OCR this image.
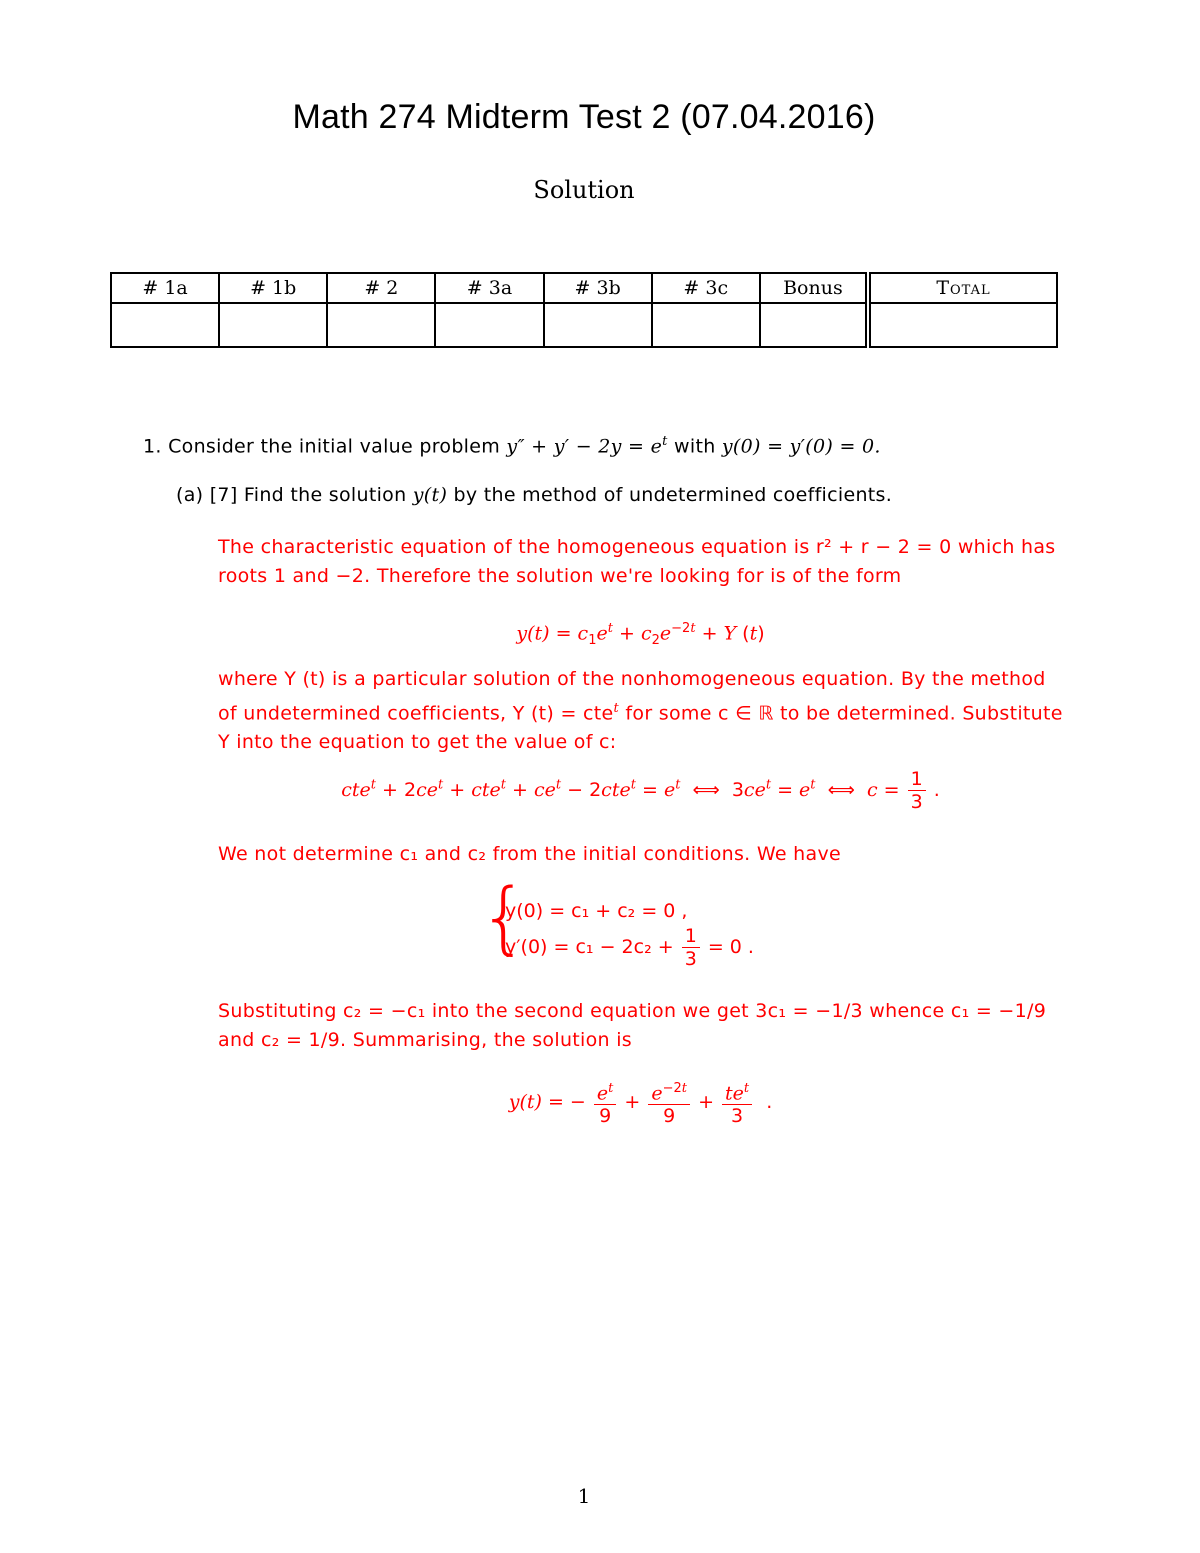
Math 274 Midterm Test 2 (07.04.2016)
Solution
# 1a	# 1b	# 2	# 3a	# 3b	# 3c	Bonus	Total

1. Consider the initial value problem $y'' + y' - 2y = e^t$ with y(0) = y′(0) = 0.
(a) [7] Find the solution y(t) by the method of undetermined coefficients.
The characteristic equation of the homogeneous equation is r² + r − 2 = 0 which has
roots 1 and −2. Therefore the solution we're looking for is of the form
$y(t) = c_1e^t + c_2e^{-2t} + Y$ (t)
where Y (t) is a particular solution of the nonhomogeneous equation. By the method
of undetermined coefficients, Y (t) = cte$^t$ for some c ∈ ℝ to be determined. Substitute
Y into the equation to get the value of c:
$cte^t + 2ce^t + cte^t + ce^t - 2cte^t = e^t$  ⟺  $3ce^t = e^t$  ⟺  $c = \frac{1}{3}$ .
We not determine c₁ and c₂ from the initial conditions. We have
{
y(0) = c₁ + c₂ = 0 ,
$y'(0) = c_1 - 2c_2 + \frac{1}{3} = 0$ .
Substituting c₂ = −c₁ into the second equation we get 3c₁ = −1/3 whence c₁ = −1/9
and c₂ = 1/9. Summarising, the solution is
y(t) = − $\frac{e^t}{9} + \frac{e^{-2t}}{9} + \frac{te^t}{3}$ .
1
